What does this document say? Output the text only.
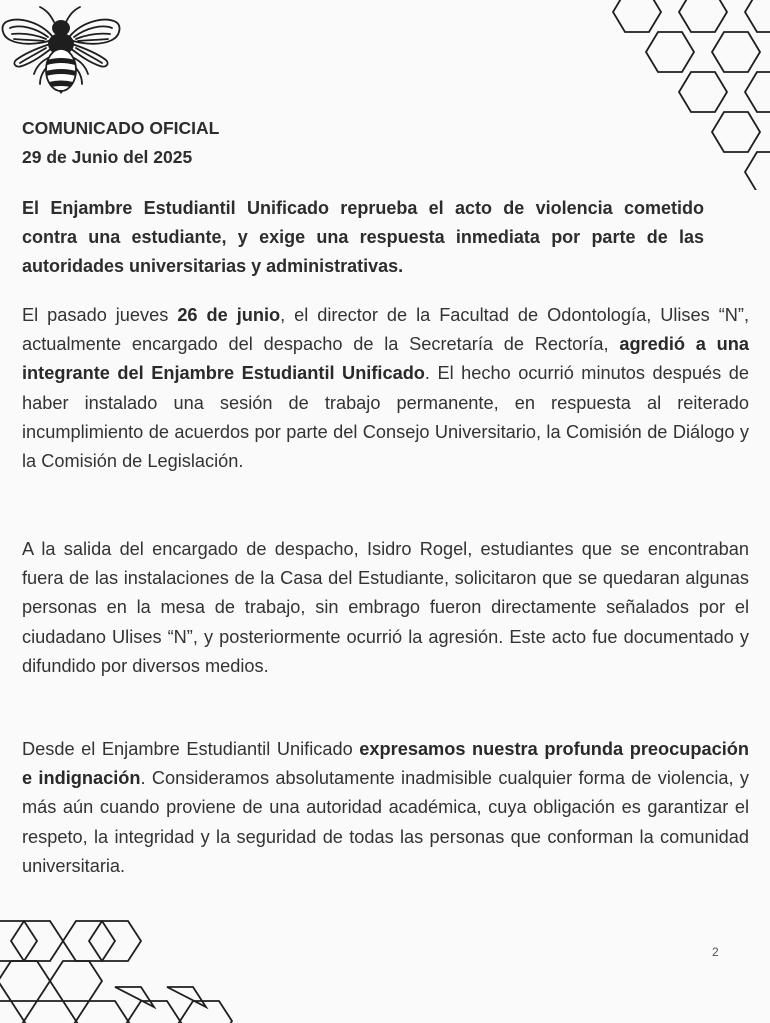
COMUNICADO OFICIAL
29 de Junio del 2025
El Enjambre Estudiantil Unificado reprueba el acto de violencia cometido contra una estudiante, y exige una respuesta inmediata por parte de las autoridades universitarias y administrativas.
El pasado jueves 26 de junio, el director de la Facultad de Odontología, Ulises “N”, actualmente encargado del despacho de la Secretaría de Rectoría, agredió a una integrante del Enjambre Estudiantil Unificado. El hecho ocurrió minutos después de haber instalado una sesión de trabajo permanente, en respuesta al reiterado incumplimiento de acuerdos por parte del Consejo Universitario, la Comisión de Diálogo y la Comisión de Legislación.
A la salida del encargado de despacho, Isidro Rogel, estudiantes que se encontraban fuera de las instalaciones de la Casa del Estudiante, solicitaron que se quedaran algunas personas en la mesa de trabajo, sin embrago fueron directamente señalados por el ciudadano Ulises “N”, y posteriormente ocurrió la agresión. Este acto fue documentado y difundido por diversos medios.
Desde el Enjambre Estudiantil Unificado expresamos nuestra profunda preocupación e indignación. Consideramos absolutamente inadmisible cualquier forma de violencia, y más aún cuando proviene de una autoridad académica, cuya obligación es garantizar el respeto, la integridad y la seguridad de todas las personas que conforman la comunidad universitaria.
2
